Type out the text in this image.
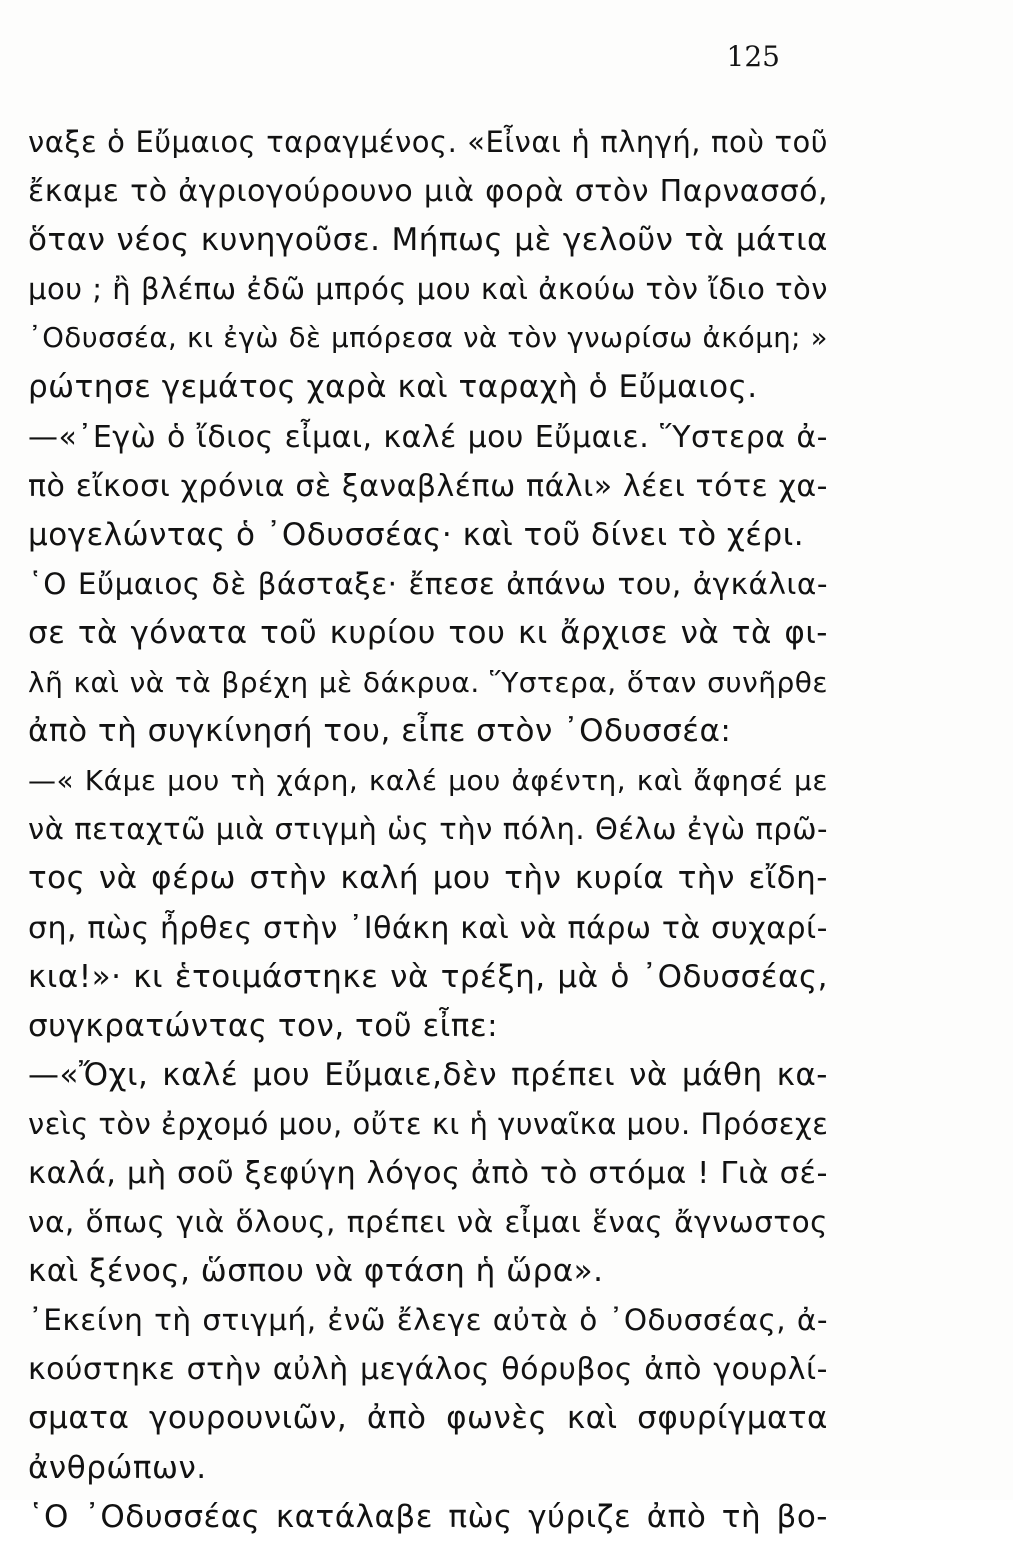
125
ναξε ὁ Εὔμαιος ταραγμένος. «Εἶναι ἡ πληγή, ποὺ τοῦ
ἔκαμε τὸ ἀγριογούρουνο μιὰ φορὰ στὸν Παρνασσό,
ὅταν νέος κυνηγοῦσε. Μήπως μὲ γελοῦν τὰ μάτια
μου ; ἢ βλέπω ἐδῶ μπρός μου καὶ ἀκούω τὸν ἴδιο τὸν
᾿Οδυσσέα, κι ἐγὼ δὲ μπόρεσα νὰ τὸν γνωρίσω ἀκόμη; »
ρώτησε γεμάτος χαρὰ καὶ ταραχὴ ὁ Εὔμαιος.
—«᾿Εγὼ ὁ ἴδιος εἶμαι, καλέ μου Εὔμαιε. Ὕστερα ἀ-
πὸ εἴκοσι χρόνια σὲ ξαναβλέπω πάλι» λέει τότε χα-
μογελώντας ὁ ᾿Οδυσσέας· καὶ τοῦ δίνει τὸ χέρι.
῾Ο Εὔμαιος δὲ βάσταξε· ἔπεσε ἀπάνω του, ἀγκάλια-
σε τὰ γόνατα τοῦ κυρίου του κι ἄρχισε νὰ τὰ φι-
λῆ καὶ νὰ τὰ βρέχη μὲ δάκρυα. Ὕστερα, ὅταν συνῆρθε
ἀπὸ τὴ συγκίνησή του, εἶπε στὸν ᾿Οδυσσέα:
—« Κάμε μου τὴ χάρη, καλέ μου ἀφέντη, καὶ ἄφησέ με
νὰ πεταχτῶ μιὰ στιγμὴ ὡς τὴν πόλη. Θέλω ἐγὼ πρῶ-
τος νὰ φέρω στὴν καλή μου τὴν κυρία τὴν εἴδη-
ση, πὼς ἦρθες στὴν ᾿Ιθάκη καὶ νὰ πάρω τὰ συχαρί-
κια!»· κι ἑτοιμάστηκε νὰ τρέξη, μὰ ὁ ᾿Οδυσσέας,
συγκρατώντας τον, τοῦ εἶπε:
—«Ὄχι, καλέ μου Εὔμαιε,δὲν πρέπει νὰ μάθη κα-
νεὶς τὸν ἐρχομό μου, οὔτε κι ἡ γυναῖκα μου. Πρόσεχε
καλά, μὴ σοῦ ξεφύγη λόγος ἀπὸ τὸ στόμα ! Γιὰ σέ-
να, ὅπως γιὰ ὅλους, πρέπει νὰ εἶμαι ἕνας ἄγνωστος
καὶ ξένος, ὥσπου νὰ φτάση ἡ ὥρα».
᾿Εκείνη τὴ στιγμή, ἐνῶ ἔλεγε αὐτὰ ὁ ᾿Οδυσσέας, ἀ-
κούστηκε στὴν αὐλὴ μεγάλος θόρυβος ἀπὸ γουρλί-
σματα γουρουνιῶν, ἀπὸ φωνὲς καὶ σφυρίγματα
ἀνθρώπων.
῾Ο ᾿Οδυσσέας κατάλαβε πὼς γύριζε ἀπὸ τὴ βο-
